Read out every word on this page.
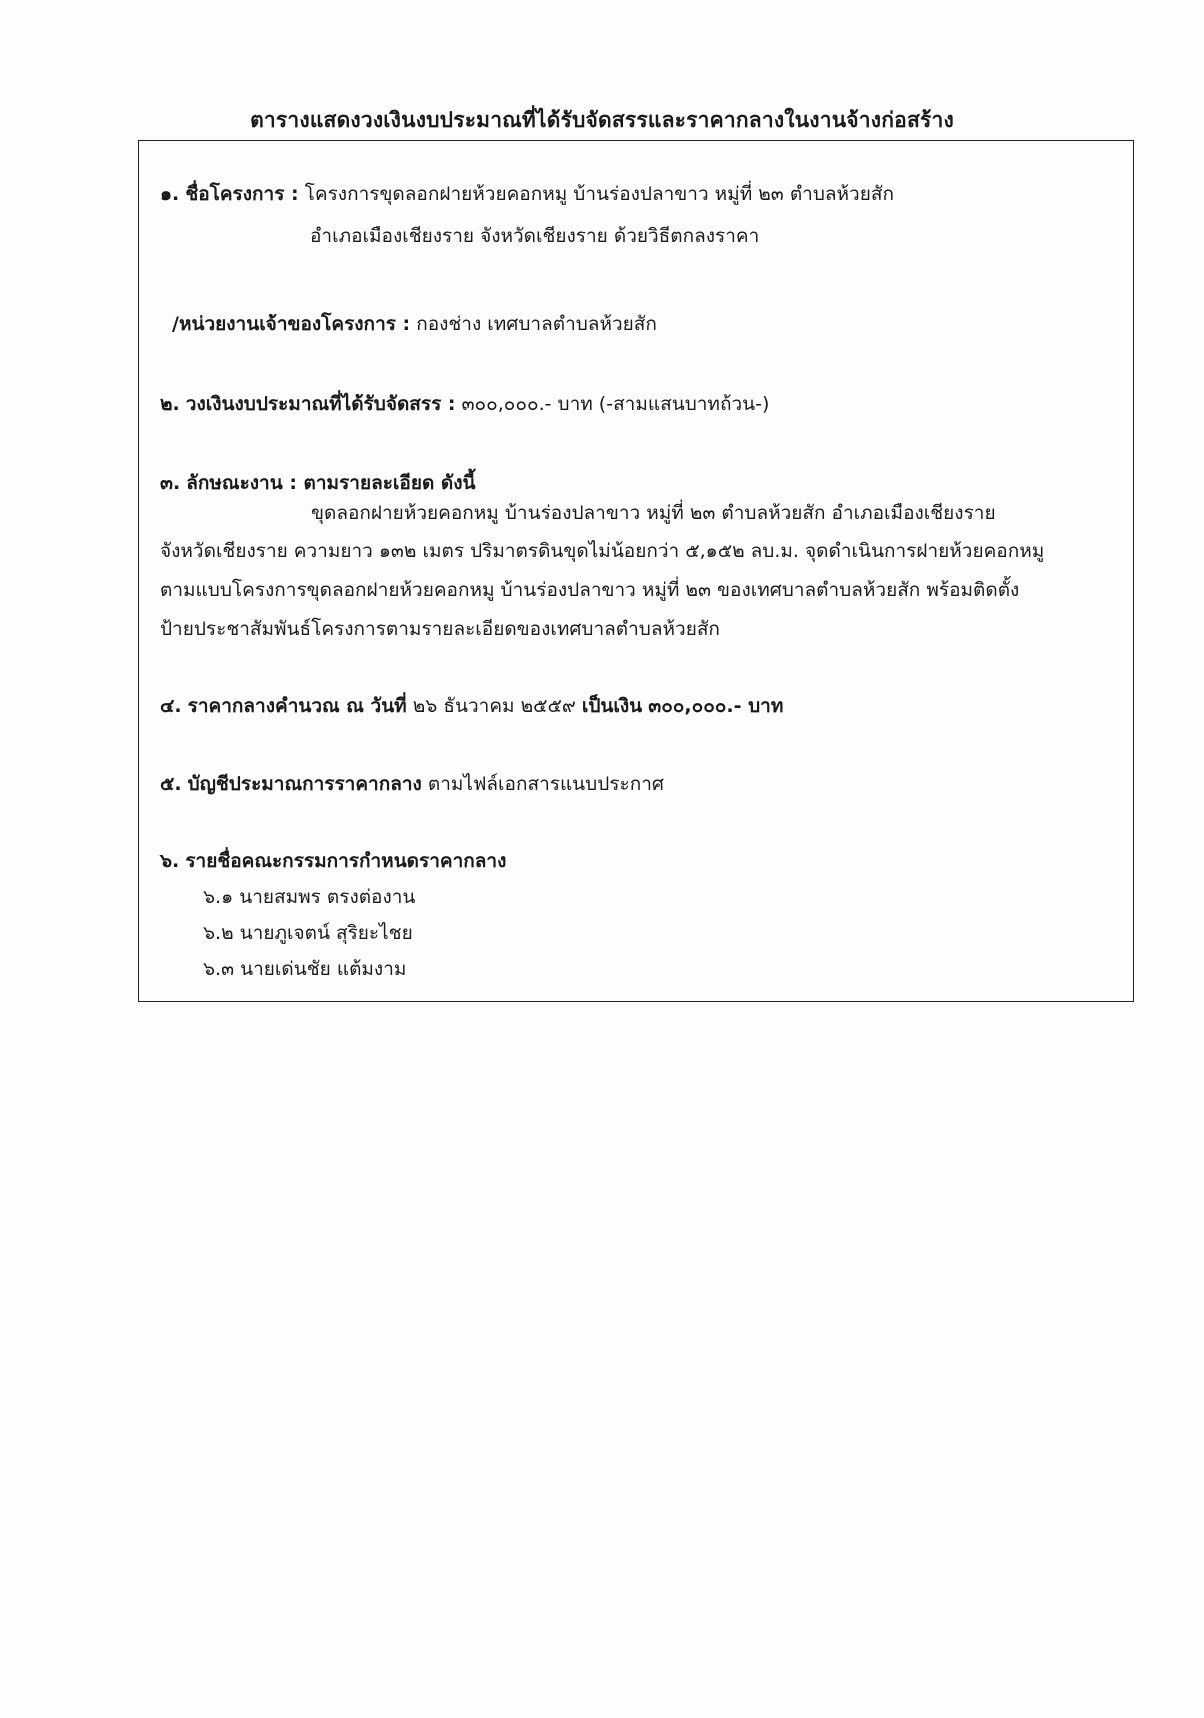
ตารางแสดงวงเงินงบประมาณที่ได้รับจัดสรรและราคากลางในงานจ้างก่อสร้าง
๑. ชื่อโครงการ : โครงการขุดลอกฝายห้วยคอกหมู บ้านร่องปลาขาว หมู่ที่ ๒๓ ตำบลห้วยสัก
อำเภอเมืองเชียงราย จังหวัดเชียงราย ด้วยวิธีตกลงราคา
/หน่วยงานเจ้าของโครงการ : กองช่าง เทศบาลตำบลห้วยสัก
๒. วงเงินงบประมาณที่ได้รับจัดสรร : ๓๐๐,๐๐๐.- บาท (-สามแสนบาทถ้วน-)
๓. ลักษณะงาน : ตามรายละเอียด ดังนี้
ขุดลอกฝายห้วยคอกหมู บ้านร่องปลาขาว หมู่ที่ ๒๓ ตำบลห้วยสัก อำเภอเมืองเชียงราย
จังหวัดเชียงราย ความยาว ๑๓๒ เมตร ปริมาตรดินขุดไม่น้อยกว่า ๕,๑๕๒ ลบ.ม. จุดดำเนินการฝายห้วยคอกหมู
ตามแบบโครงการขุดลอกฝายห้วยคอกหมู บ้านร่องปลาขาว หมู่ที่ ๒๓ ของเทศบาลตำบลห้วยสัก พร้อมติดตั้ง
ป้ายประชาสัมพันธ์โครงการตามรายละเอียดของเทศบาลตำบลห้วยสัก
๔. ราคากลางคำนวณ ณ วันที่ ๒๖ ธันวาคม ๒๕๕๙ เป็นเงิน ๓๐๐,๐๐๐.- บาท
๕. บัญชีประมาณการราคากลาง ตามไฟล์เอกสารแนบประกาศ
๖. รายชื่อคณะกรรมการกำหนดราคากลาง
๖.๑ นายสมพร ตรงต่องาน
๖.๒ นายภูเจตน์ สุริยะไชย
๖.๓ นายเด่นชัย แต้มงาม
